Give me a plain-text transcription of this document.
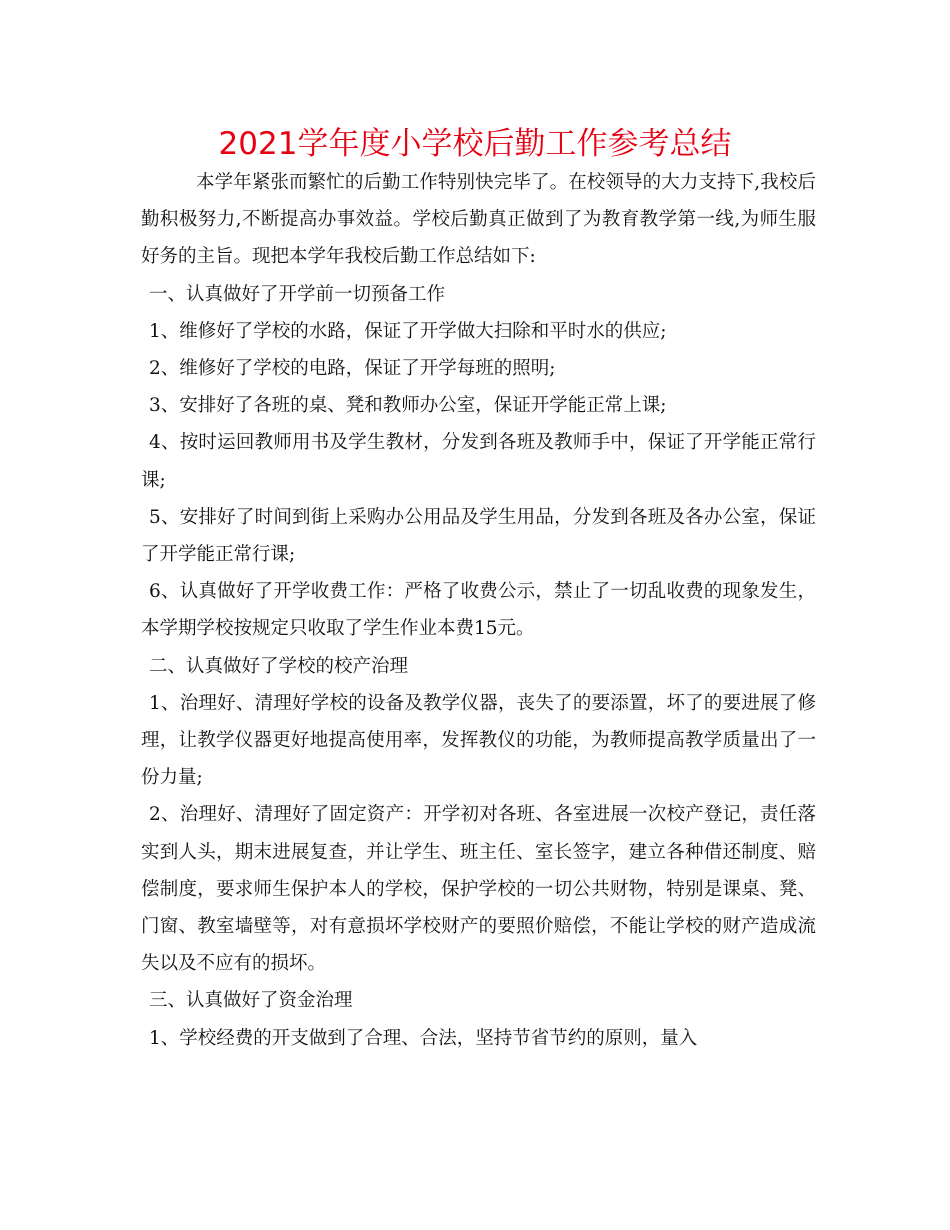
2021学年度小学校后勤工作参考总结

本学年紧张而繁忙的后勤工作特别快完毕了。在校领导的大力支持下,我校后勤积极努力,不断提高办事效益。学校后勤真正做到了为教育教学第一线,为师生服好务的主旨。现把本学年我校后勤工作总结如下:

一、认真做好了开学前一切预备工作

1、维修好了学校的水路，保证了开学做大扫除和平时水的供应;

2、维修好了学校的电路，保证了开学每班的照明;

3、安排好了各班的桌、凳和教师办公室，保证开学能正常上课;

4、按时运回教师用书及学生教材，分发到各班及教师手中，保证了开学能正常行课;

5、安排好了时间到街上采购办公用品及学生用品，分发到各班及各办公室，保证了开学能正常行课;

6、认真做好了开学收费工作：严格了收费公示，禁止了一切乱收费的现象发生， 本学期学校按规定只收取了学生作业本费15元。

二、认真做好了学校的校产治理

1、治理好、清理好学校的设备及教学仪器，丧失了的要添置，坏了的要进展了修理，让教学仪器更好地提高使用率，发挥教仪的功能，为教师提高教学质量出了一份力量;

2、治理好、清理好了固定资产：开学初对各班、各室进展一次校产登记，责任落实到人头，期末进展复查，并让学生、班主任、室长签字，建立各种借还制度、赔偿制度，要求师生保护本人的学校，保护学校的一切公共财物，特别是课桌、凳、门窗、教室墙壁等，对有意损坏学校财产的要照价赔偿，不能让学校的财产造成流失以及不应有的损坏。

三、认真做好了资金治理

1、学校经费的开支做到了合理、合法，坚持节省节约的原则，量入
